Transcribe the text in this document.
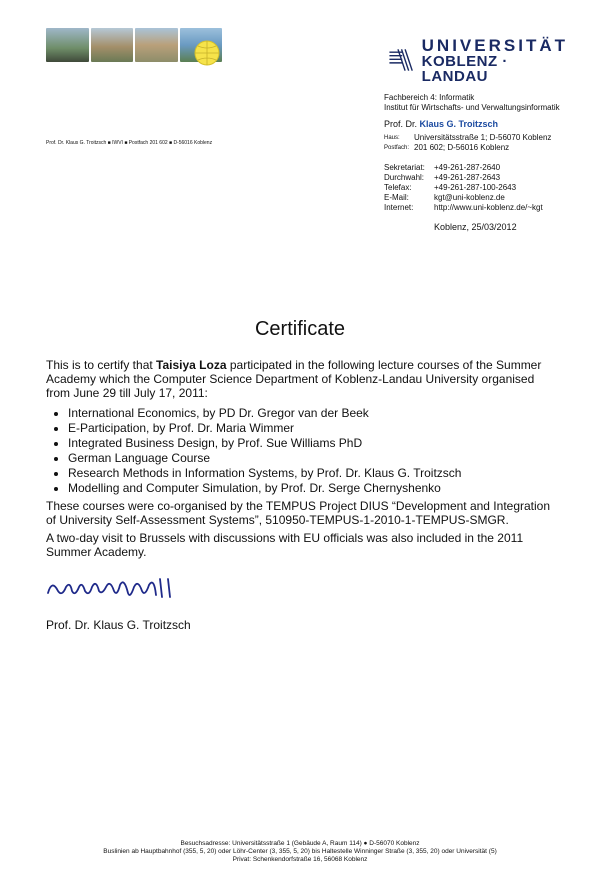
UNIVERSITÄT
KOBLENZ · LANDAU
Prof. Dr. Klaus G. Troitzsch ■ IWVI ■ Postfach 201 602 ■ D-56016 Koblenz
Fachbereich 4: Informatik
Institut für Wirtschafts- und Verwaltungsinformatik
Prof. Dr. Klaus G. Troitzsch
Haus:	Universitätsstraße 1; D-56070 Koblenz
Postfach: 201 602; D-56016 Koblenz
Sekretariat:	+49-261-287-2640
Durchwahl:	+49-261-287-2643
Telefax:	+49-261-287-100-2643
E-Mail:	kgt@uni-koblenz.de
Internet:	http://www.uni-koblenz.de/~kgt
Koblenz, 25/03/2012
Certificate

This is to certify that Taisiya Loza participated in the following lecture courses of the Summer Academy which the Computer Science Department of Koblenz-Landau University organised from June 29 till July 17, 2011:

• International Economics, by PD Dr. Gregor van der Beek
• E-Participation, by Prof. Dr. Maria Wimmer
• Integrated Business Design, by Prof. Sue Williams PhD
• German Language Course
• Research Methods in Information Systems, by Prof. Dr. Klaus G. Troitzsch
• Modelling and Computer Simulation, by Prof. Dr. Serge Chernyshenko

These courses were co-organised by the TEMPUS Project DIUS “Development and Integration of University Self-Assessment Systems”, 510950-TEMPUS-1-2010-1-TEMPUS-SMGR.

A two-day visit to Brussels with discussions with EU officials was also included in the 2011 Summer Academy.

Prof. Dr. Klaus G. Troitzsch
Besuchsadresse: Universitätsstraße 1 (Gebäude A, Raum 114) ● D-56070 Koblenz
Buslinien ab Hauptbahnhof (355, 5, 20) oder Löhr-Center (3, 355, 5, 20) bis Haltestelle Winninger Straße (3, 355, 20) oder Universität (5)
Privat: Schenkendorfstraße 16, 56068 Koblenz
